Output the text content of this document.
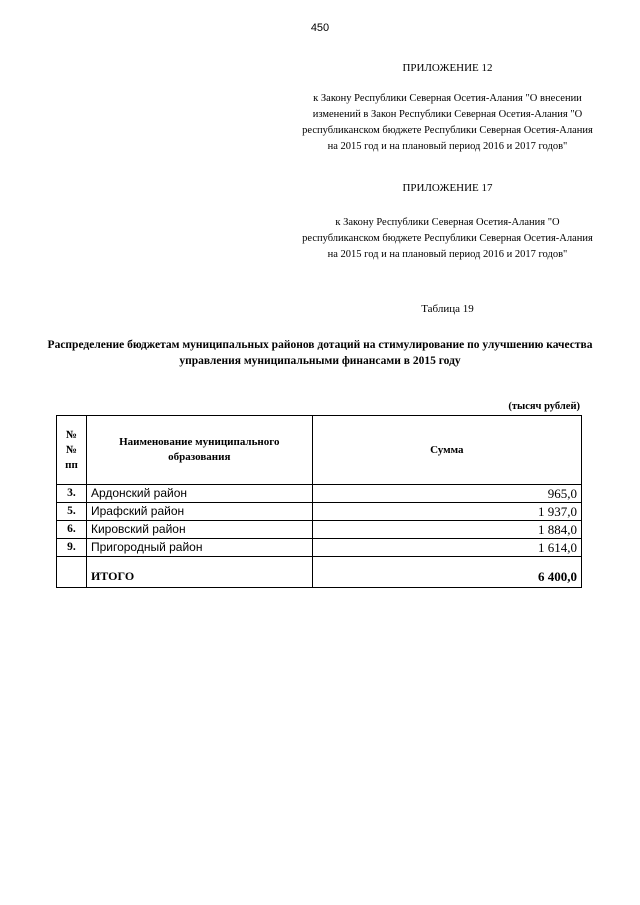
450
ПРИЛОЖЕНИЕ 12
к Закону Республики Северная Осетия-Алания "О внесении изменений в Закон Республики Северная Осетия-Алания "О республиканском бюджете Республики Северная Осетия-Алания на 2015 год и на плановый период 2016 и 2017 годов"
ПРИЛОЖЕНИЕ 17
к Закону Республики Северная Осетия-Алания "О республиканском бюджете Республики Северная Осетия-Алания на 2015 год и на плановый период 2016 и 2017 годов"
Таблица 19
Распределение бюджетам муниципальных районов дотаций на стимулирование по улучшению качества управления муниципальными финансами в 2015 году
(тысяч рублей)
№№ пп	Наименование муниципального образования	Сумма
3.	Ардонский район	965,0
5.	Ирафский район	1 937,0
6.	Кировский район	1 884,0
9.	Пригородный район	1 614,0
	ИТОГО	6 400,0
